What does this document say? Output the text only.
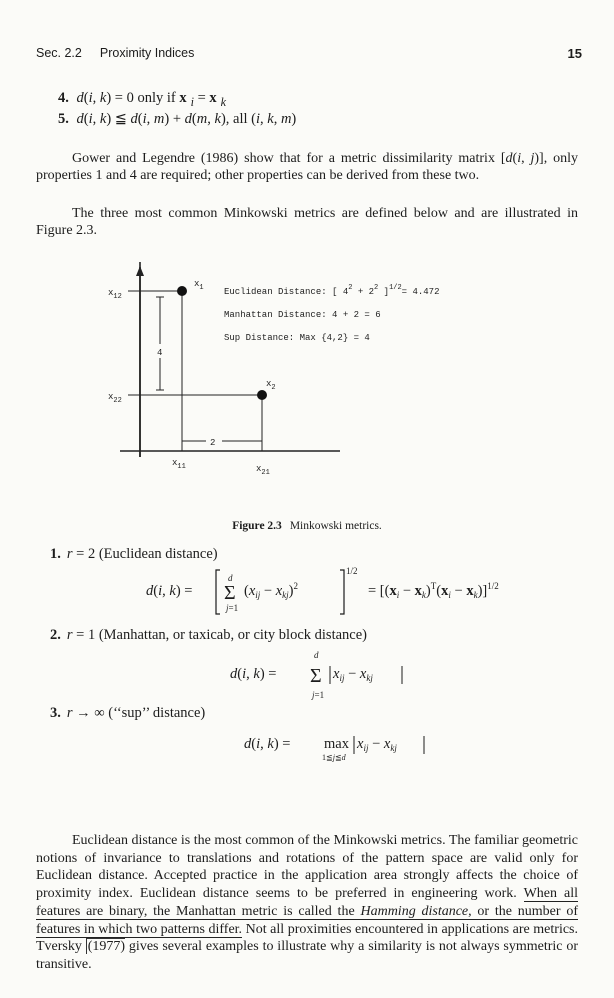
Sec. 2.2 Proximity Indices	15
4. d(i, k) = 0 only if x $_i$ = x $_k$
5. d(i, k) ≦ d(i, m) + d(m, k), all (i, k, m)

Gower and Legendre (1986) show that for a metric dissimilarity matrix [d(i, j)], only properties 1 and 4 are required; other properties can be derived from these two.

The three most common Minkowski metrics are defined below and are illustrated in Figure 2.3.

4
2
$x_1$
$x_2$
$x_{12}$
$x_{22}$
$x_{11}$	$x_{21}$
Euclidean Distance: [ $4^2 + 2^2$ ]$^{1/2}$= 4.472
Manhattan Distance: 4 + 2 = 6
Sup Distance: Max {4,2} = 4
Figure 2.3 Minkowski metrics.
1. r = 2 (Euclidean distance)
d(i, k) = Σ
d
j=1
$(x_{ij} - x_{kj})^2$
1/2
= $[(x_i - x_k)^T(x_i - x_k)]^{1/2}$
2. r = 1 (Manhattan, or taxicab, or city block distance)
d(i, k) = Σ
d
j=1
$x_{ij} - x_{kj}$
3. r → ∞ (‘‘sup’’ distance)
d(i, k) = max
1≦j≦d
$x_{ij} - x_{kj}$

Euclidean distance is the most common of the Minkowski metrics. The familiar geometric notions of invariance to translations and rotations of the pattern space are valid only for Euclidean distance. Accepted practice in the application area strongly affects the choice of proximity index. Euclidean distance seems to be preferred in engineering work. When all features are binary, the Manhattan metric is called the Hamming distance, or the number of features in which two patterns differ. Not all proximities encountered in applications are metrics. Tversky (1977) gives several examples to illustrate why a similarity is not always symmetric or transitive.
